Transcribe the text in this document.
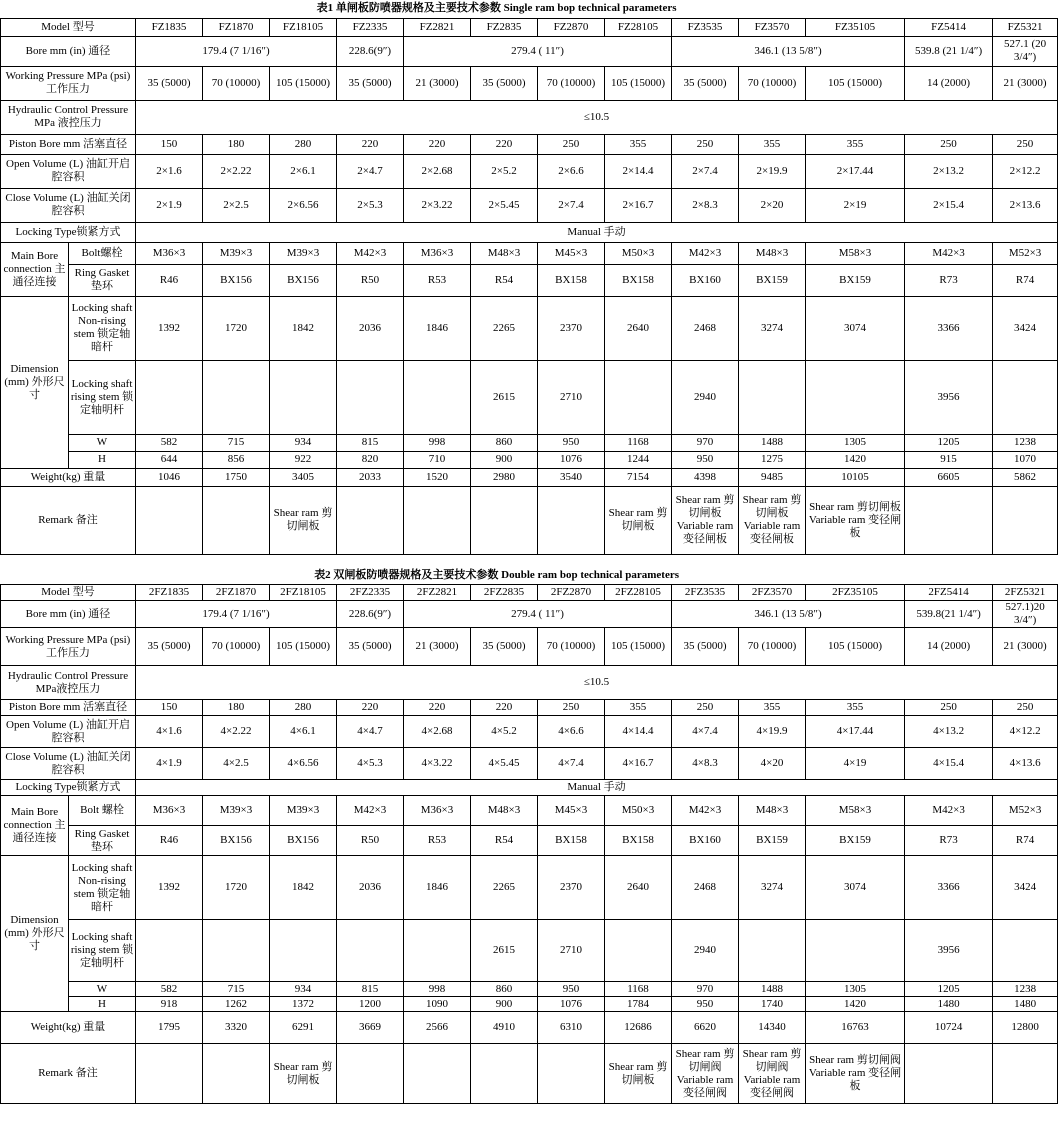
表1 单闸板防喷器规格及主要技术参数 Single ram bop technical parameters														
Model 型号		FZ1835	FZ1870	FZ18105	FZ2335	FZ2821	FZ2835	FZ2870	FZ28105	FZ3535	FZ3570	FZ35105	FZ5414	FZ5321
Bore mm (in) 通径		179.4 (7 1/16″)			228.6(9″)	279.4 ( 11″)				346.1 (13 5/8″)			539.8 (21 1/4″)	527.1 (20 3/4″)
Working Pressure MPa (psi) 工作压力		35 (5000)	70 (10000)	105 (15000)	35 (5000)	21 (3000)	35 (5000)	70 (10000)	105 (15000)	35 (5000)	70 (10000)	105 (15000)	14 (2000)	21 (3000)
Hydraulic Control Pressure MPa 液控压力		≤10.5												
Piston Bore mm 活塞直径		150	180	280	220	220	220	250	355	250	355	355	250	250
Open Volume (L) 油缸开启腔容积		2×1.6	2×2.22	2×6.1	2×4.7	2×2.68	2×5.2	2×6.6	2×14.4	2×7.4	2×19.9	2×17.44	2×13.2	2×12.2
Close Volume (L) 油缸关闭腔容积		2×1.9	2×2.5	2×6.56	2×5.3	2×3.22	2×5.45	2×7.4	2×16.7	2×8.3	2×20	2×19	2×15.4	2×13.6
Locking Type锁紧方式		Manual 手动												
Main Bore connection 主通径连接	Bolt螺栓	M36×3	M39×3	M39×3	M42×3	M36×3	M48×3	M45×3	M50×3	M42×3	M48×3	M58×3	M42×3	M52×3
	Ring Gasket 垫环	R46	BX156	BX156	R50	R53	R54	BX158	BX158	BX160	BX159	BX159	R73	R74
Dimension (mm) 外形尺寸	Locking shaft Non-rising stem 锁定轴暗杆	1392	1720	1842	2036	1846	2265	2370	2640	2468	3274	3074	3366	3424
	Locking shaft rising stem 锁定轴明杆						2615	2710		2940			3956	
	W	582	715	934	815	998	860	950	1168	970	1488	1305	1205	1238
	H	644	856	922	820	710	900	1076	1244	950	1275	1420	915	1070
Weight(kg) 重量		1046	1750	3405	2033	1520	2980	3540	7154	4398	9485	10105	6605	5862
Remark 备注				Shear ram 剪切闸板					Shear ram 剪切闸板	Shear ram 剪切闸板 Variable ram 变径闸板	Shear ram 剪切闸板 Variable ram 变径闸板	Shear ram 剪切闸板 Variable ram 变径闸板		
表2 双闸板防喷器规格及主要技术参数 Double ram bop technical parameters														
Model 型号		2FZ1835	2FZ1870	2FZ18105	2FZ2335	2FZ2821	2FZ2835	2FZ2870	2FZ28105	2FZ3535	2FZ3570	2FZ35105	2FZ5414	2FZ5321
Bore mm (in) 通径		179.4 (7 1/16″)			228.6(9″)	279.4 ( 11″)				346.1 (13 5/8″)			539.8(21 1/4″)	527.1)20 3/4″)
Working Pressure MPa (psi) 工作压力		35 (5000)	70 (10000)	105 (15000)	35 (5000)	21 (3000)	35 (5000)	70 (10000)	105 (15000)	35 (5000)	70 (10000)	105 (15000)	14 (2000)	21 (3000)
Hydraulic Control Pressure MPa液控压力		≤10.5												
Piston Bore mm 活塞直径		150	180	280	220	220	220	250	355	250	355	355	250	250
Open Volume (L) 油缸开启腔容积		4×1.6	4×2.22	4×6.1	4×4.7	4×2.68	4×5.2	4×6.6	4×14.4	4×7.4	4×19.9	4×17.44	4×13.2	4×12.2
Close Volume (L) 油缸关闭腔容积		4×1.9	4×2.5	4×6.56	4×5.3	4×3.22	4×5.45	4×7.4	4×16.7	4×8.3	4×20	4×19	4×15.4	4×13.6
Locking Type锁紧方式		Manual 手动												
Main Bore connection 主通径连接	Bolt 螺栓	M36×3	M39×3	M39×3	M42×3	M36×3	M48×3	M45×3	M50×3	M42×3	M48×3	M58×3	M42×3	M52×3
	Ring Gasket 垫环	R46	BX156	BX156	R50	R53	R54	BX158	BX158	BX160	BX159	BX159	R73	R74
Dimension (mm) 外形尺寸	Locking shaft Non-rising stem 锁定轴暗杆	1392	1720	1842	2036	1846	2265	2370	2640	2468	3274	3074	3366	3424
	Locking shaft rising stem 锁定轴明杆						2615	2710		2940			3956	
	W	582	715	934	815	998	860	950	1168	970	1488	1305	1205	1238
	H	918	1262	1372	1200	1090	900	1076	1784	950	1740	1420	1480	1480
Weight(kg) 重量		1795	3320	6291	3669	2566	4910	6310	12686	6620	14340	16763	10724	12800
Remark 备注				Shear ram 剪切闸板					Shear ram 剪切闸板	Shear ram 剪切闸阀 Variable ram 变径闸阀	Shear ram 剪切闸阀 Variable ram 变径闸阀	Shear ram 剪切闸阀 Variable ram 变径闸板		
